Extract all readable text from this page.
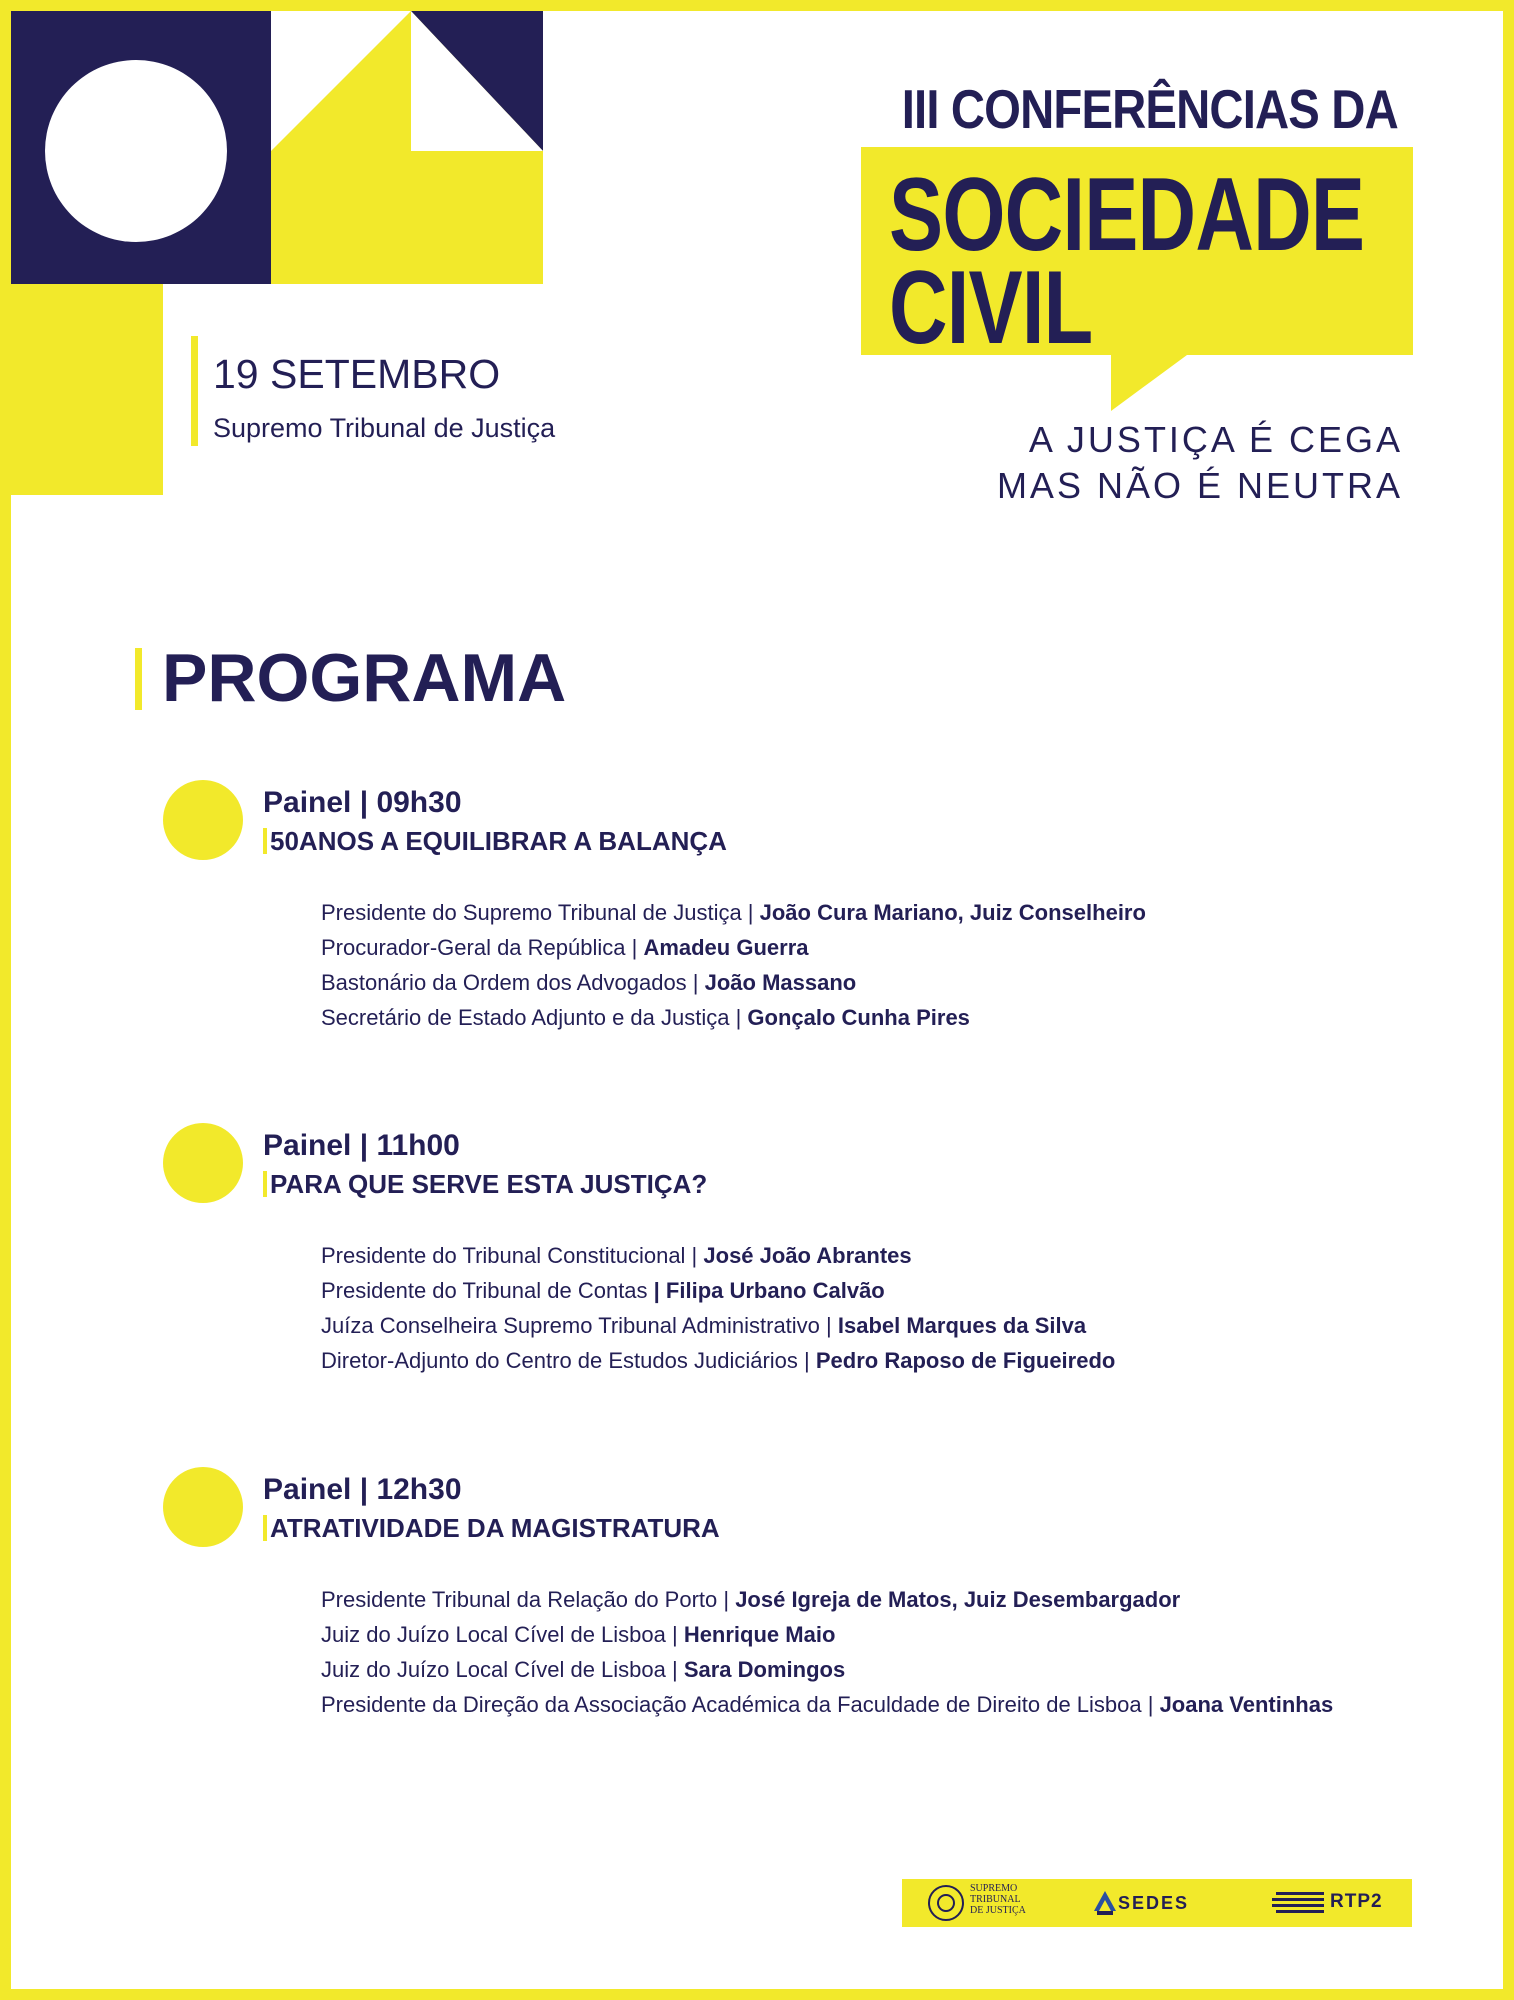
19 SETEMBRO
Supremo Tribunal de Justiça
III CONFERÊNCIAS DA
SOCIEDADE
CIVIL
A JUSTIÇA É CEGA
MAS NÃO É NEUTRA
PROGRAMA
Painel | 09h30
50ANOS A EQUILIBRAR A BALANÇA
Presidente do Supremo Tribunal de Justiça | João Cura Mariano, Juiz Conselheiro
Procurador-Geral da República | Amadeu Guerra
Bastonário da Ordem dos Advogados | João Massano
Secretário de Estado Adjunto e da Justiça | Gonçalo Cunha Pires
Painel | 11h00
PARA QUE SERVE ESTA JUSTIÇA?
Presidente do Tribunal Constitucional | José João Abrantes
Presidente do Tribunal de Contas | Filipa Urbano Calvão
Juíza Conselheira Supremo Tribunal Administrativo | Isabel Marques da Silva
Diretor-Adjunto do Centro de Estudos Judiciários | Pedro Raposo de Figueiredo
Painel | 12h30
ATRATIVIDADE DA MAGISTRATURA
Presidente Tribunal da Relação do Porto | José Igreja de Matos, Juiz Desembargador
Juiz do Juízo Local Cível de Lisboa | Henrique Maio
Juiz do Juízo Local Cível de Lisboa | Sara Domingos
Presidente da Direção da Associação Académica da Faculdade de Direito de Lisboa | Joana Ventinhas
SUPREMO
TRIBUNAL
DE JUSTIÇA	SEDES	RTP2
